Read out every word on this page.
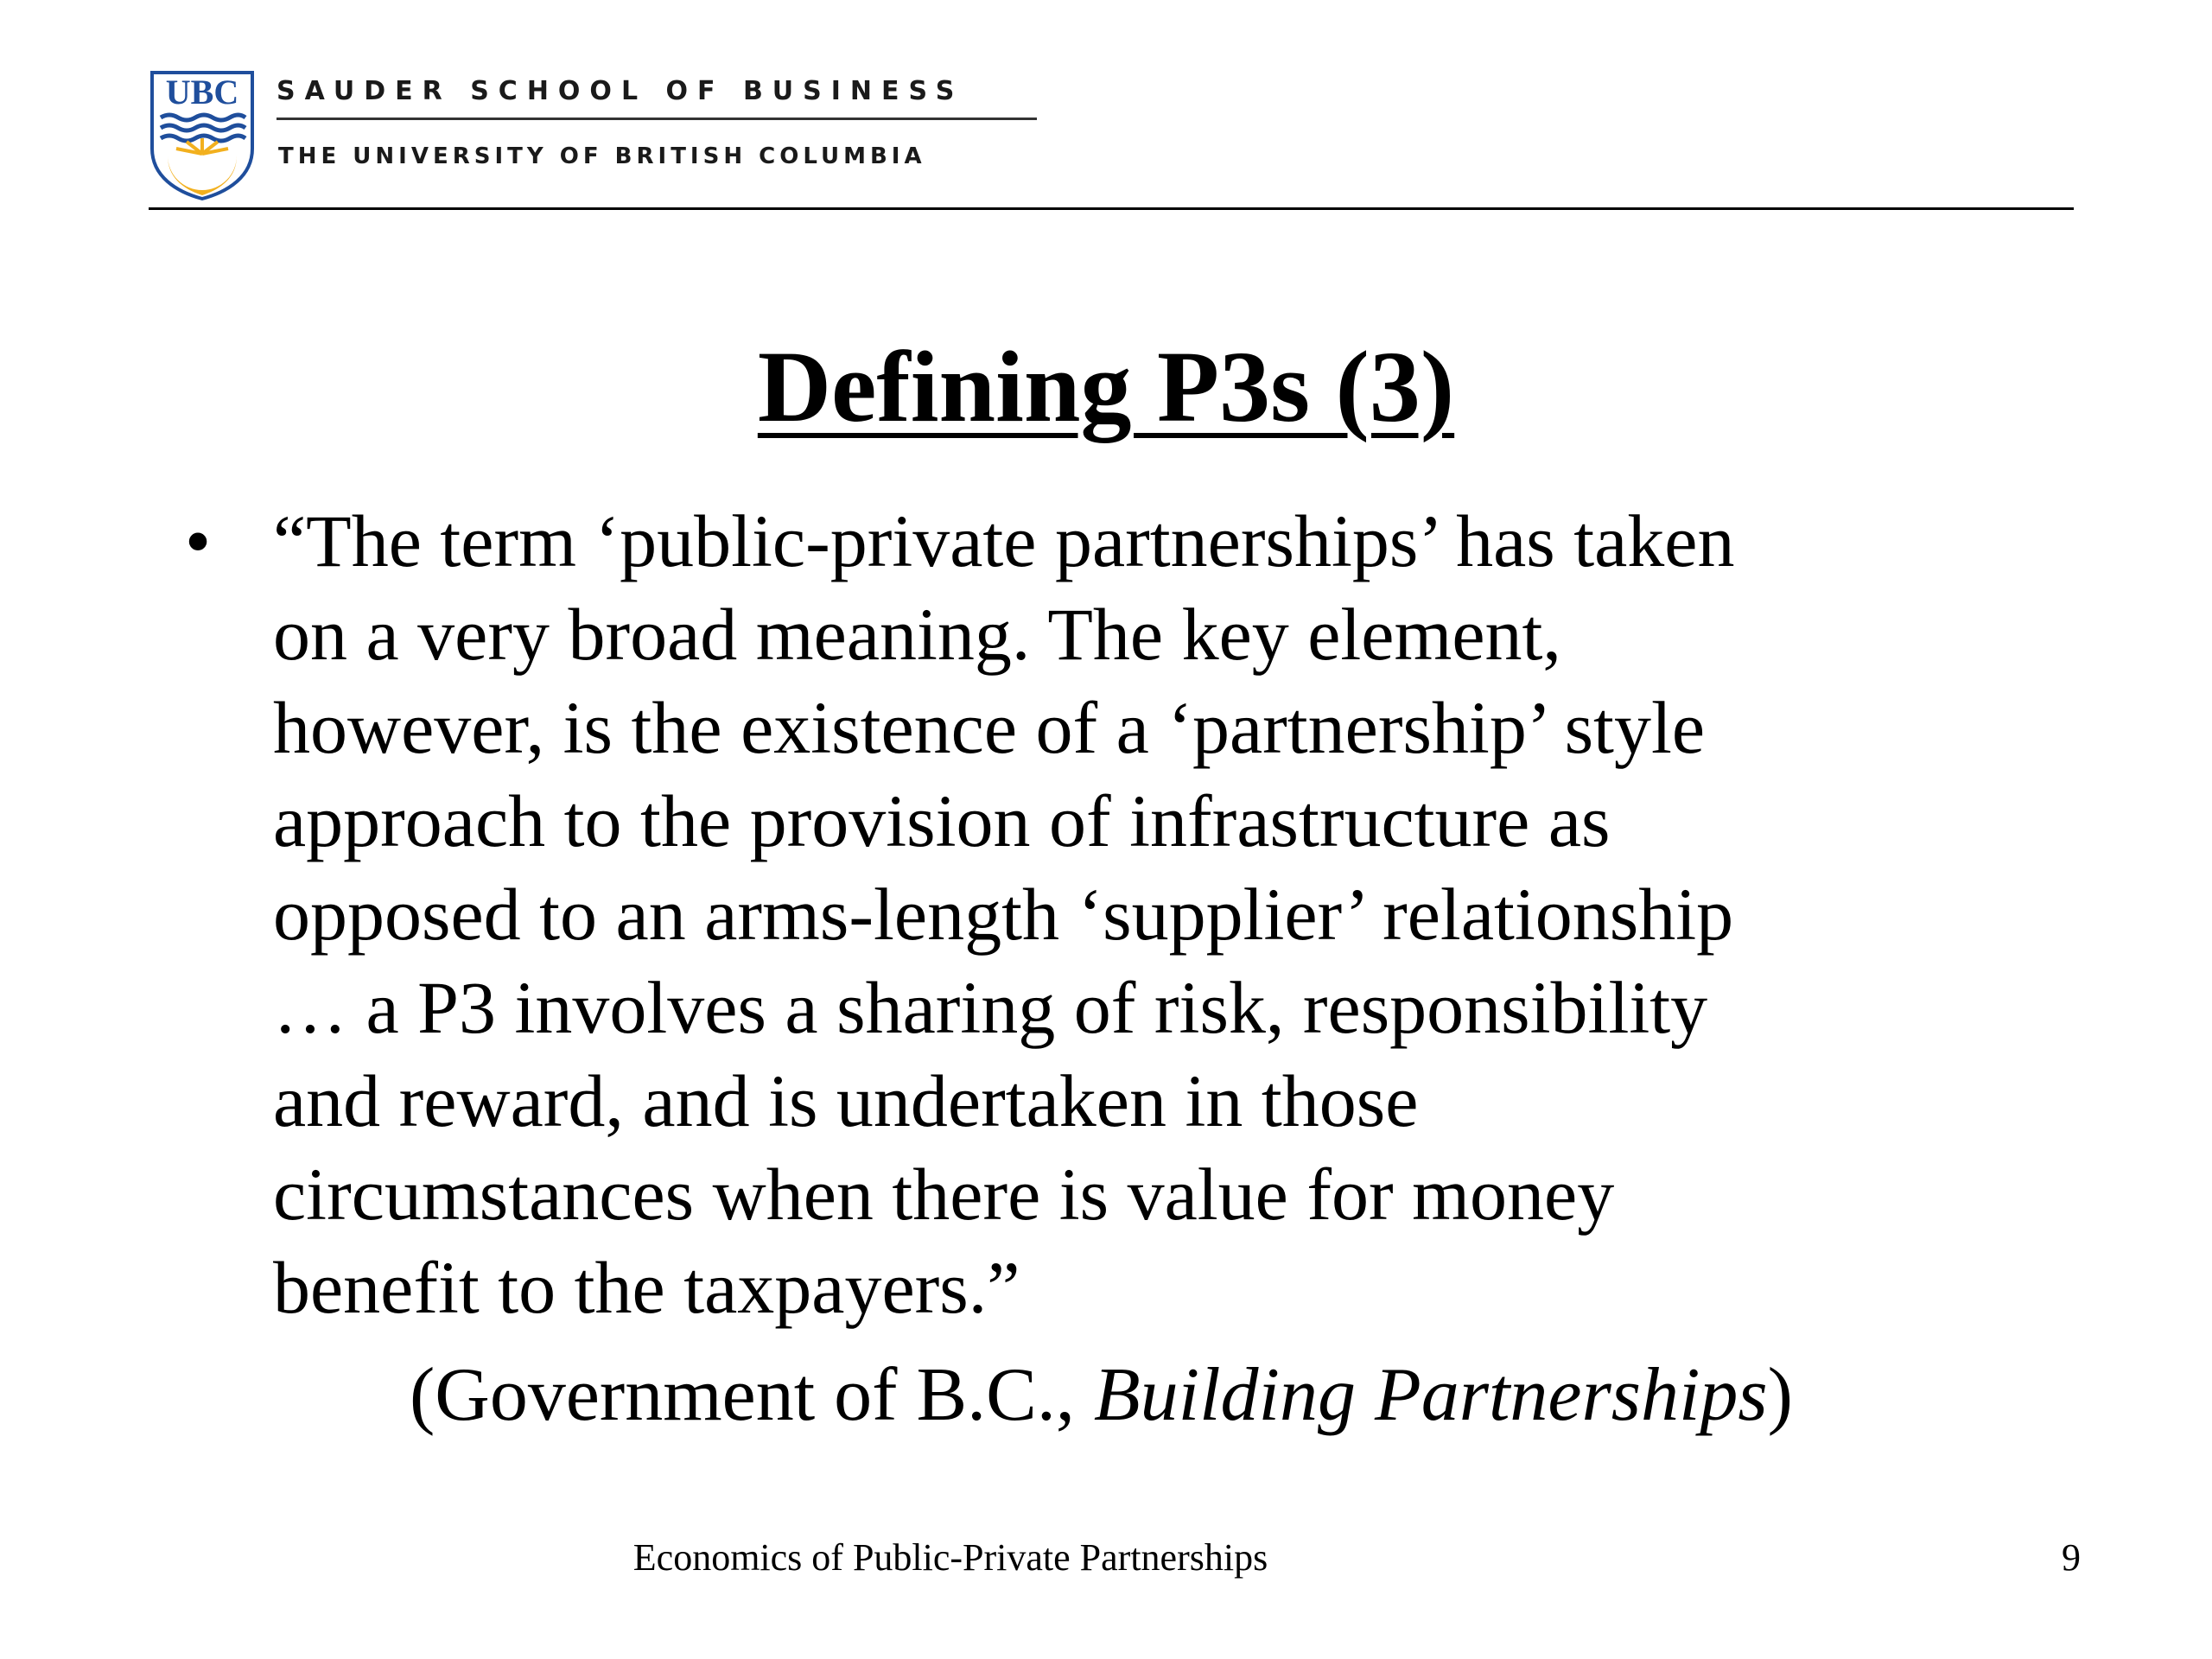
UBC SAUDER SCHOOL OF BUSINESS
THE UNIVERSITY OF BRITISH COLUMBIA
Defining P3s (3)
• “The term ‘public-private partnerships’ has taken
on a very broad meaning. The key element,
however, is the existence of a ‘partnership’ style
approach to the provision of infrastructure as
opposed to an arms-length ‘supplier’ relationship
… a P3 involves a sharing of risk, responsibility
and reward, and is undertaken in those
circumstances when there is value for money
benefit to the taxpayers.”

(Government of B.C., Building Partnerships)
Economics of Public-Private Partnerships	9
